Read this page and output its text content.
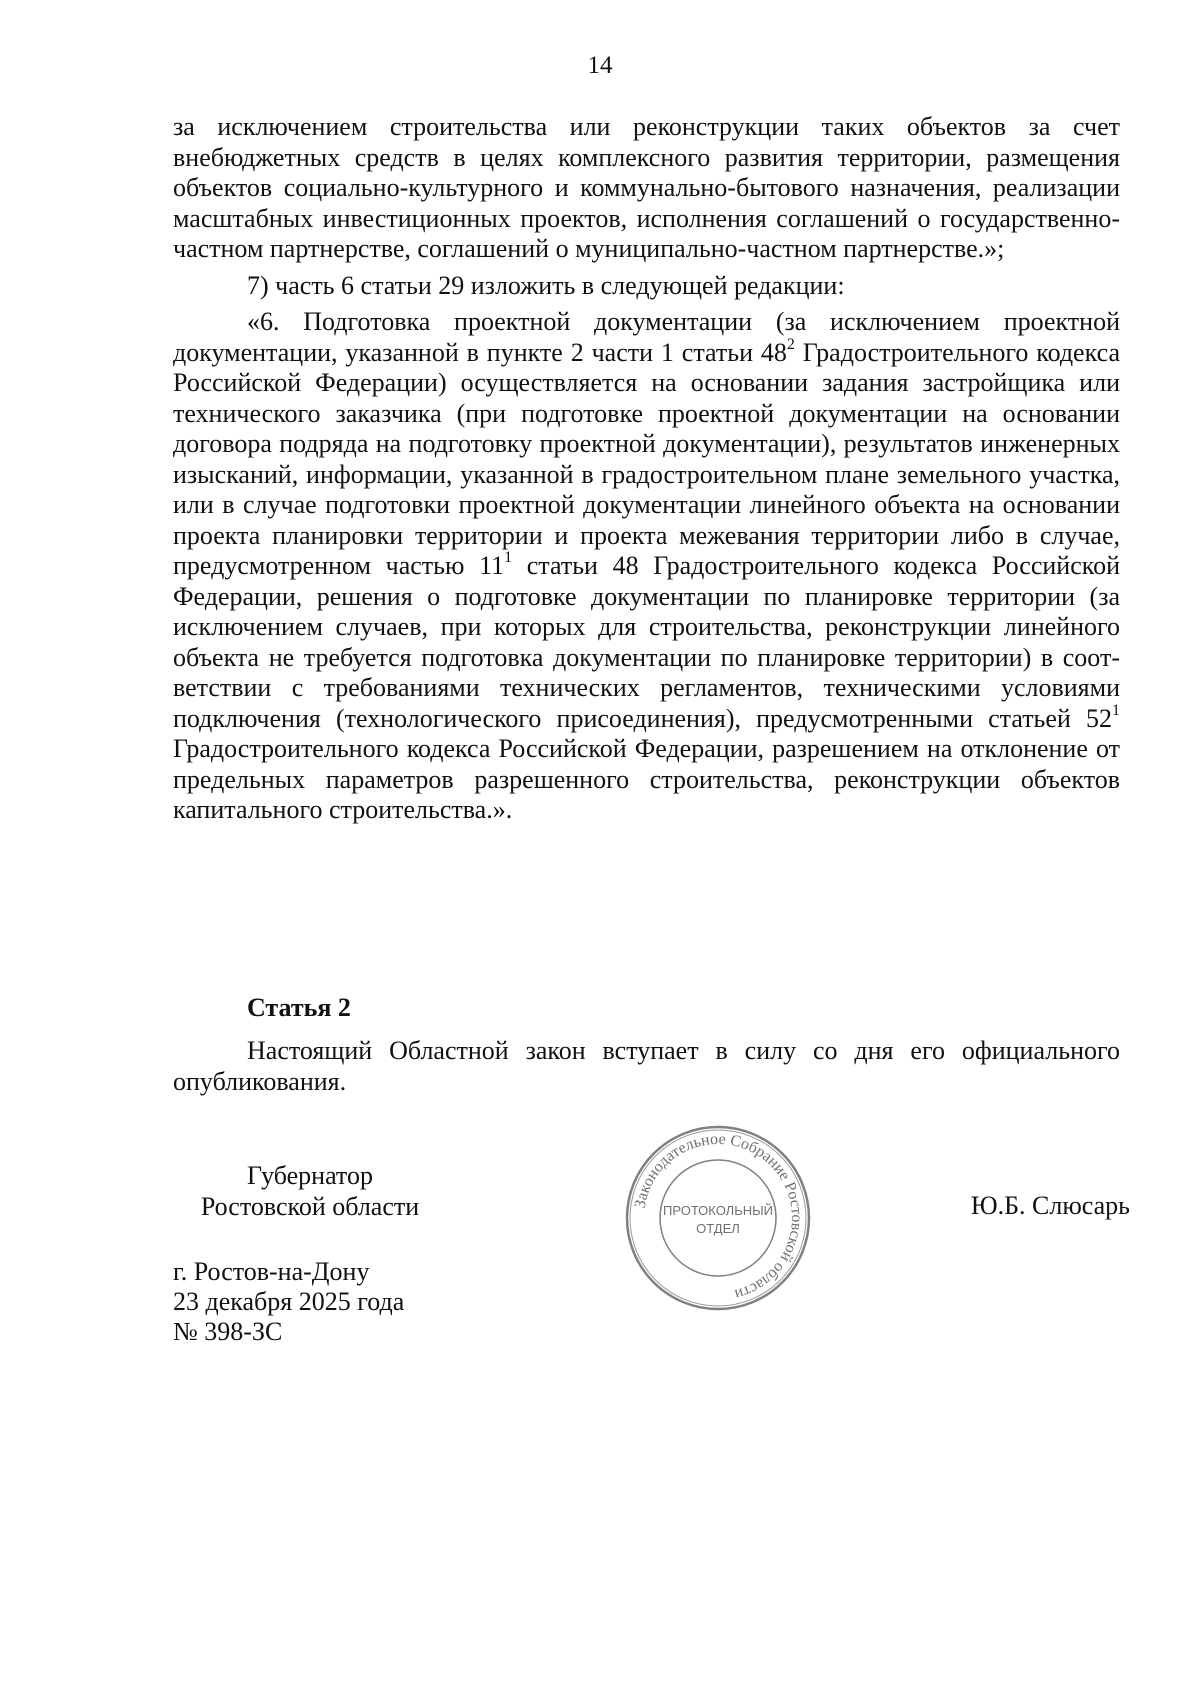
14

за исключением строительства или реконструкции таких объектов за счет внебюджетных средств в целях комплексного развития территории, размещения объектов социально-культурного и коммунально-бытового назначения, реализации масштабных инвестиционных проектов, исполнения соглашений о государственно-частном партнерстве, соглашений о муниципально-частном партнерстве.»;

7) часть 6 статьи 29 изложить в следующей редакции:

«6. Подготовка проектной документации (за исключением проектной документации, указанной в пункте 2 части 1 статьи $48^2$ Градостроительного кодекса Российской Федерации) осуществляется на основании задания застройщика или технического заказчика (при подготовке проектной документации на основании договора подряда на подготовку проектной документации), результатов инженерных изысканий, информации, указанной в градостроительном плане земельного участка, или в случае подготовки проектной документации линейного объекта на основании проекта планировки территории и проекта межевания территории либо в случае, предусмотренном частью $11^1$ статьи 48 Градостроительного кодекса Российской Федерации, решения о подготовке документации по планировке территории (за исключением случаев, при которых для строительства, реконструкции линейного объекта не требуется подготовка документации по планировке территории) в соответствии с требованиями технических регламентов, техническими условиями подключения (технологического присоединения), предусмотренными статьей $52^1$ Градостроительного кодекса Российской Федерации, разрешением на отклонение от предельных параметров разрешенного строительства, реконструкции объектов капитального строительства.».

Статья 2

Настоящий Областной закон вступает в силу со дня его официального опубликования.

Губернатор
Ростовской области	Законодательное Собрание Ростовской области
ПРОТОКОЛЬНЫЙ
ОТДЕЛ
Ю.Б. Слюсарь
г. Ростов-на-Дону
23 декабря 2025 года
№ 398-ЗС
